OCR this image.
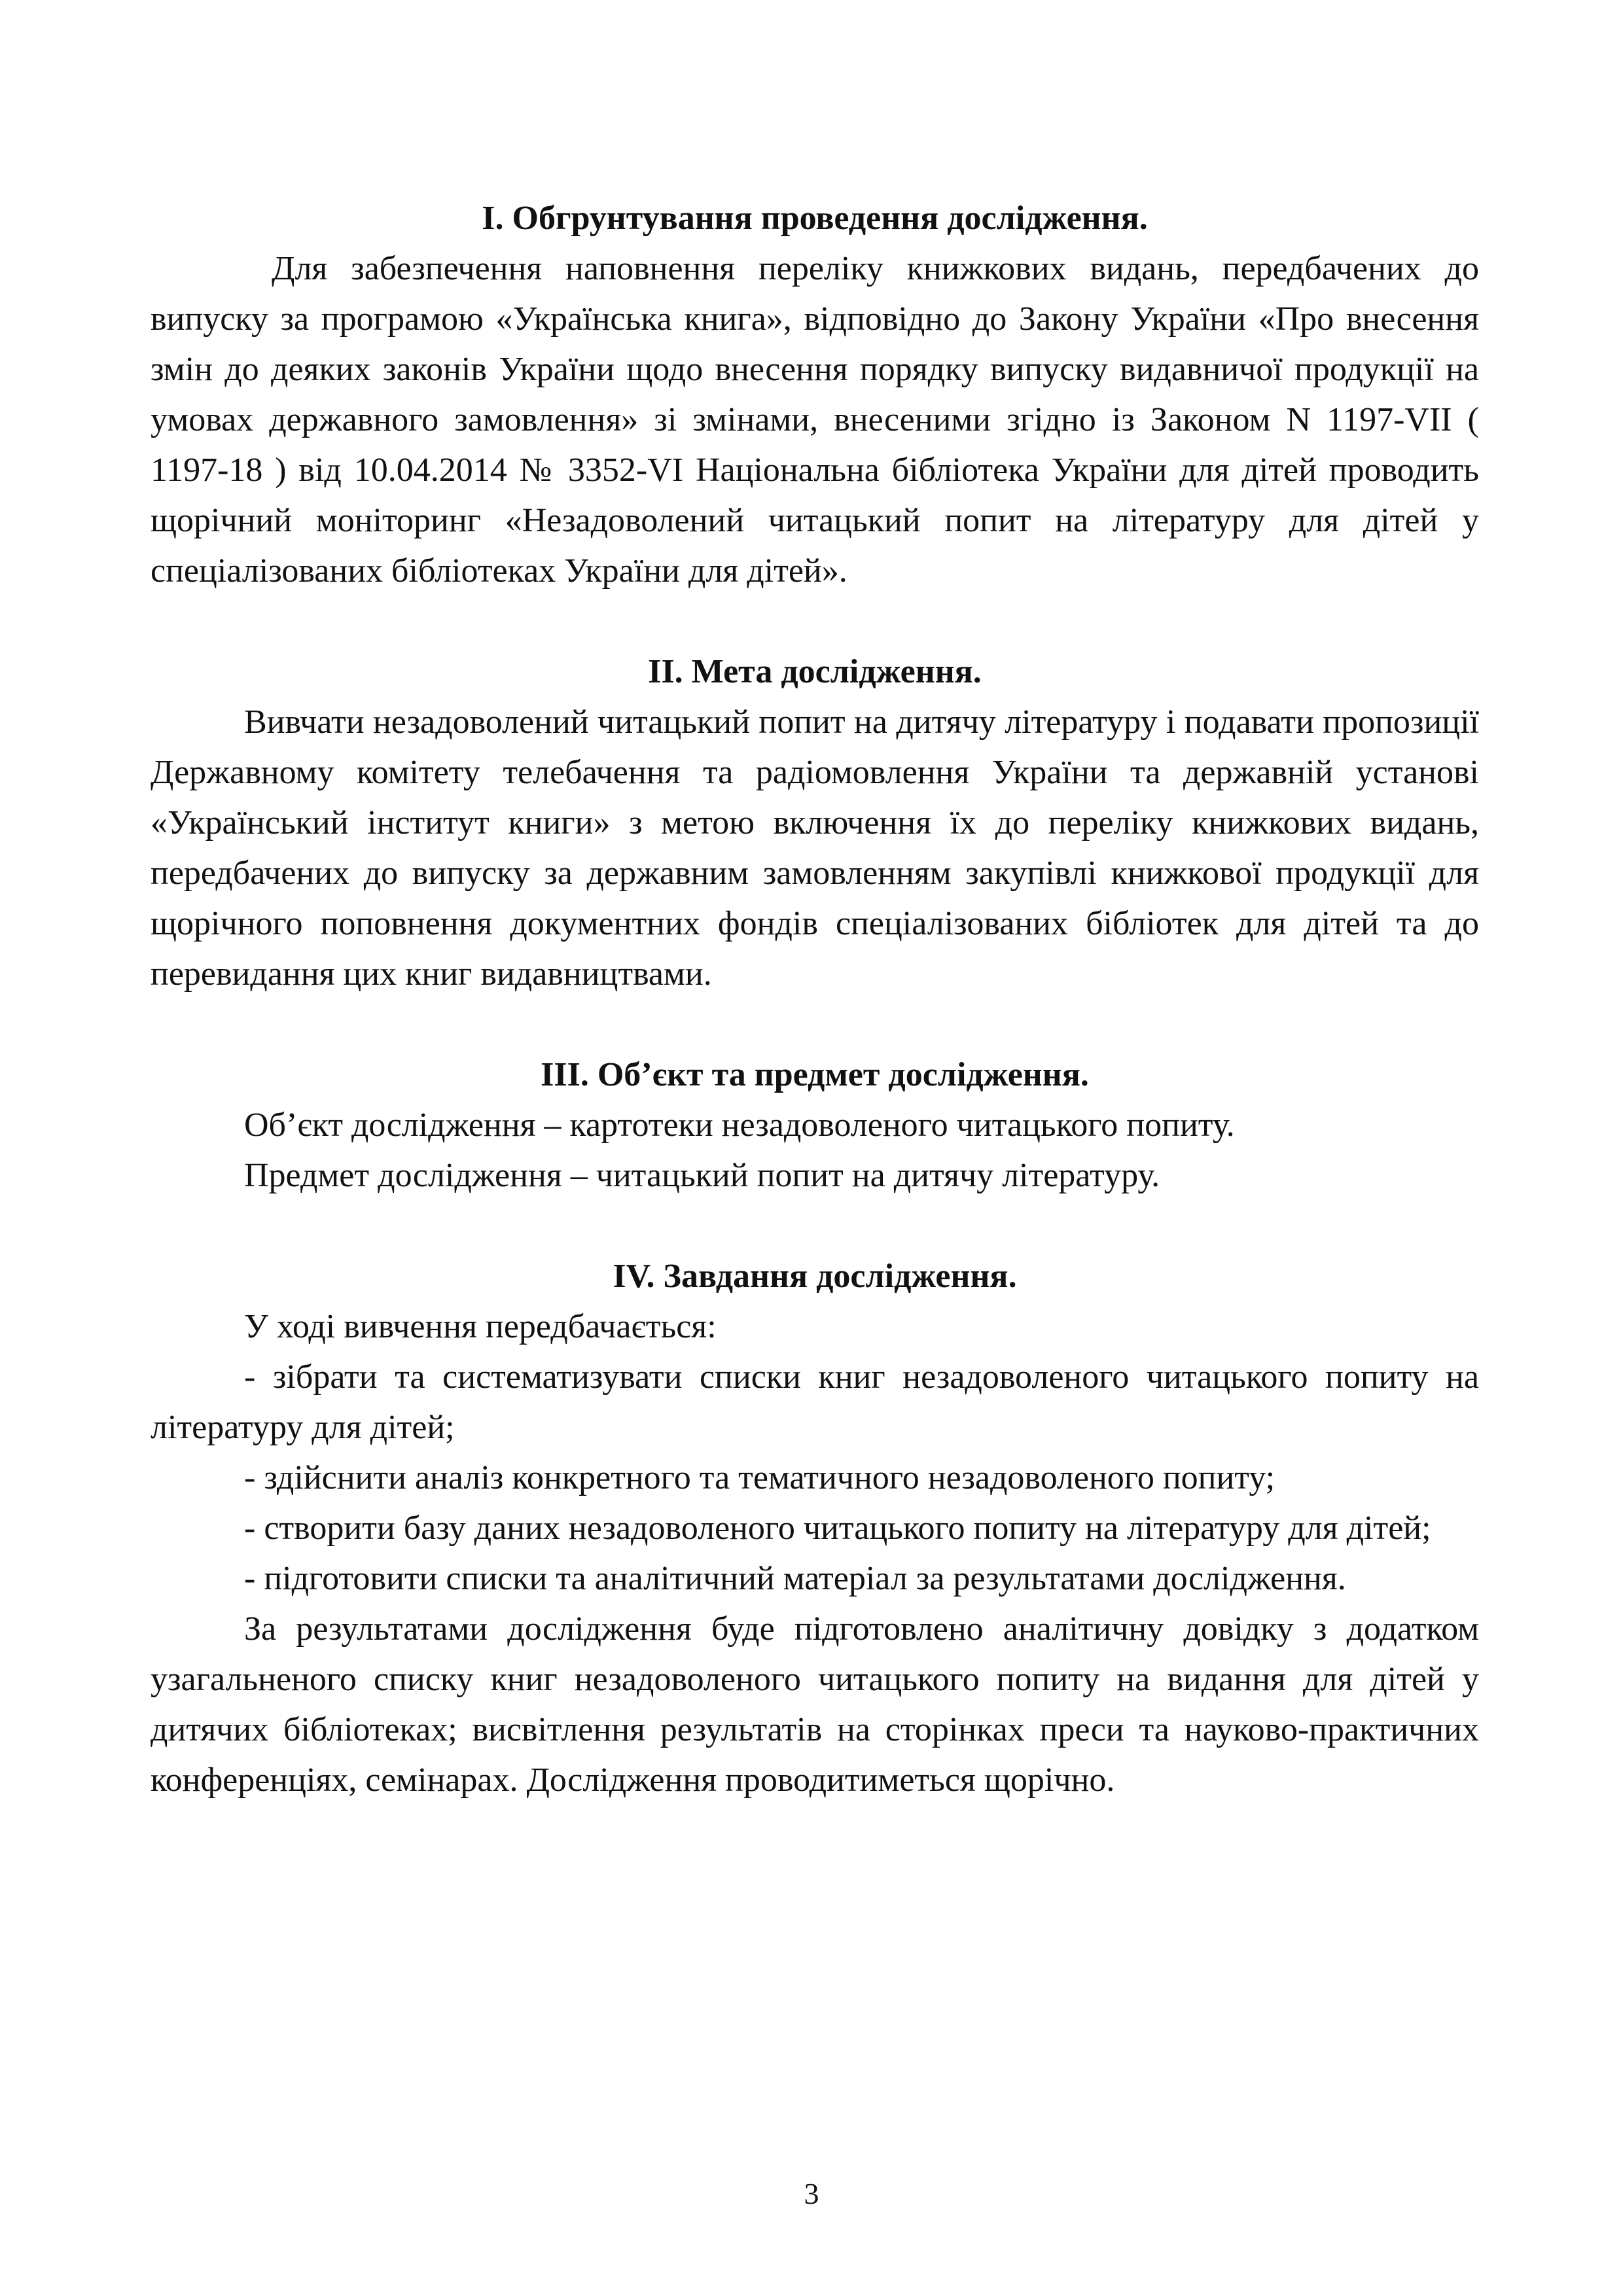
I. Обгрунтування проведення дослідження.

Для забезпечення наповнення переліку книжкових видань, передбачених до випуску за програмою «Українська книга», відповідно до Закону України «Про внесення змін до деяких законів України щодо внесення порядку випуску видавничої продукції на умовах державного замовлення» зі змінами, внесеними згідно із Законом N 1197-VII ( 1197-18 ) від 10.04.2014 № 3352-VI Національна бібліотека України для дітей проводить щорічний моніторинг «Незадоволений читацький попит на літературу для дітей у спеціалізованих бібліотеках України для дітей».

II. Мета дослідження.

Вивчати незадоволений читацький попит на дитячу літературу і подавати пропозиції Державному комітету телебачення та радіомовлення України та державній установі «Український інститут книги» з метою включення їх до переліку книжкових видань, передбачених до випуску за державним замовленням закупівлі книжкової продукції для щорічного поповнення документних фондів спеціалізованих бібліотек для дітей та до перевидання цих книг видавництвами.

III. Об’єкт та предмет дослідження.

Об’єкт дослідження – картотеки незадоволеного читацького попиту.

Предмет дослідження – читацький попит на дитячу літературу.

IV. Завдання дослідження.

У ході вивчення передбачається:

- зібрати та систематизувати списки книг незадоволеного читацького попиту на літературу для дітей;

- здійснити аналіз конкретного та тематичного незадоволеного попиту;

- створити базу даних незадоволеного читацького попиту на літературу для дітей;

- підготовити списки та аналітичний матеріал за результатами дослідження.

За результатами дослідження буде підготовлено аналітичну довідку з додатком узагальненого списку книг незадоволеного читацького попиту на видання для дітей у дитячих бібліотеках; висвітлення результатів на сторінках преси та науково-практичних конференціях, семінарах. Дослідження проводитиметься щорічно.

3
